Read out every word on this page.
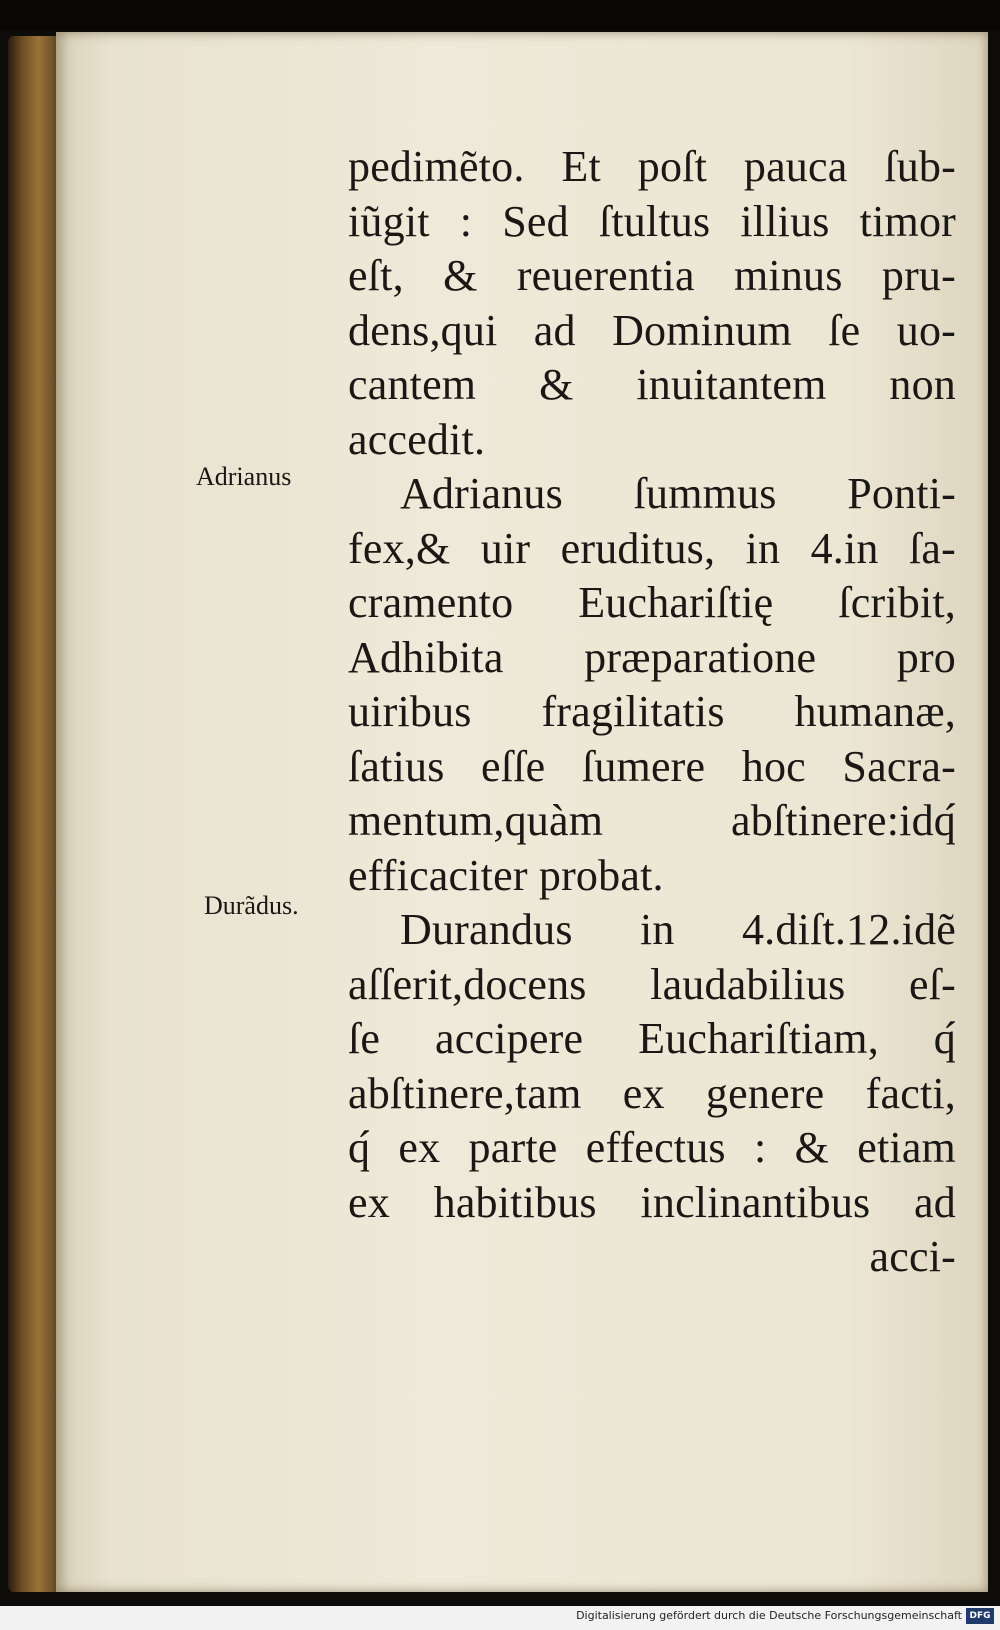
Adrianus
Durãdus.
pedimẽto. Et poſt pauca ſub-
iũgit : Sed ſtultus illius timor
eſt, & reuerentia minus pru-
dens,qui ad Dominum ſe uo-
cantem & inuitantem non
accedit.
Adrianus ſummus Ponti-
fex,& uir eruditus, in 4.in ſa-
cramento Euchariſtię ſcribit,
Adhibita præparatione pro
uiribus fragilitatis humanæ,
ſatius eſſe ſumere hoc Sacra-
mentum,quàm abſtinere:idq́
efficaciter probat.
Durandus in 4.diſt.12.idẽ
aſſerit,docens laudabilius eſ-
ſe accipere Euchariſtiam, q́
abſtinere,tam ex genere facti,
q́ ex parte effectus : & etiam
ex habitibus inclinantibus ad
acci-
Digitalisierung gefördert durch die Deutsche Forschungsgemeinschaft DFG
